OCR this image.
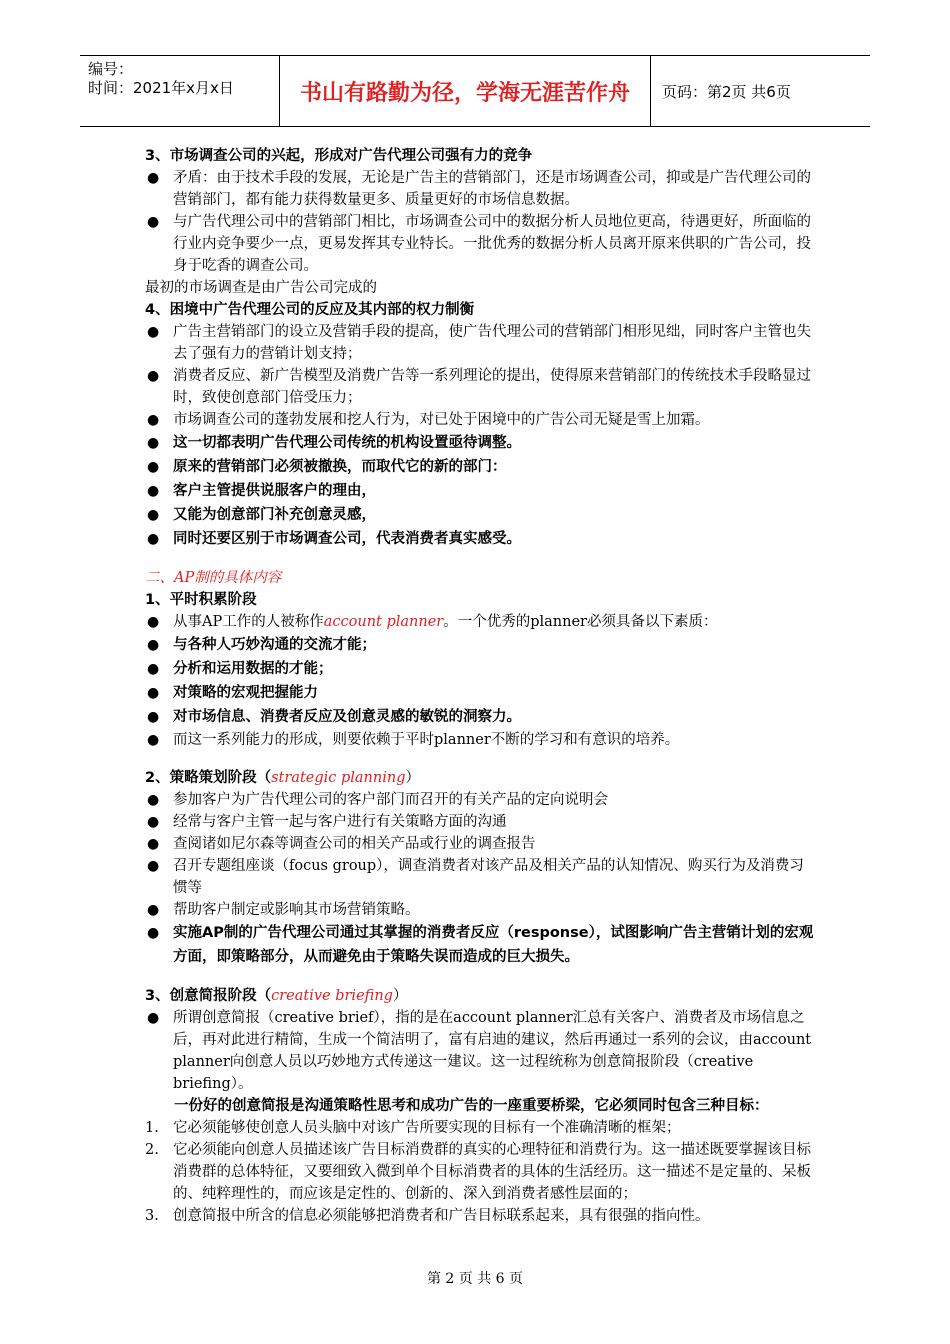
编号：
时间：2021年x月x日	书山有路勤为径，学海无涯苦作舟	页码：第2页 共6页
3、市场调查公司的兴起，形成对广告代理公司强有力的竞争
● 矛盾：由于技术手段的发展，无论是广告主的营销部门，还是市场调查公司，抑或是广告代理公司的营销部门，都有能力获得数量更多、质量更好的市场信息数据。
● 与广告代理公司中的营销部门相比，市场调查公司中的数据分析人员地位更高，待遇更好，所面临的行业内竞争要少一点，更易发挥其专业特长。一批优秀的数据分析人员离开原来供职的广告公司，投身于吃香的调查公司。
最初的市场调查是由广告公司完成的
4、困境中广告代理公司的反应及其内部的权力制衡
● 广告主营销部门的设立及营销手段的提高，使广告代理公司的营销部门相形见绌，同时客户主管也失去了强有力的营销计划支持；
● 消费者反应、新广告模型及消费广告等一系列理论的提出，使得原来营销部门的传统技术手段略显过时，致使创意部门倍受压力；
● 市场调查公司的蓬勃发展和挖人行为，对已处于困境中的广告公司无疑是雪上加霜。
● 这一切都表明广告代理公司传统的机构设置亟待调整。
● 原来的营销部门必须被撤换，而取代它的新的部门：
● 客户主管提供说服客户的理由，
● 又能为创意部门补充创意灵感，
● 同时还要区别于市场调查公司，代表消费者真实感受。
二、AP制的具体内容
1、平时积累阶段
● 从事AP工作的人被称作account planner。一个优秀的planner必须具备以下素质：
● 与各种人巧妙沟通的交流才能；
● 分析和运用数据的才能；
● 对策略的宏观把握能力
● 对市场信息、消费者反应及创意灵感的敏锐的洞察力。
● 而这一系列能力的形成，则要依赖于平时planner不断的学习和有意识的培养。
2、策略策划阶段（strategic planning）
● 参加客户为广告代理公司的客户部门而召开的有关产品的定向说明会
● 经常与客户主管一起与客户进行有关策略方面的沟通
● 查阅诸如尼尔森等调查公司的相关产品或行业的调查报告
● 召开专题组座谈（focus group），调查消费者对该产品及相关产品的认知情况、购买行为及消费习惯等
● 帮助客户制定或影响其市场营销策略。
● 实施AP制的广告代理公司通过其掌握的消费者反应（response），试图影响广告主营销计划的宏观方面，即策略部分，从而避免由于策略失误而造成的巨大损失。
3、创意简报阶段（creative briefing）
● 所谓创意简报（creative brief），指的是在account planner汇总有关客户、消费者及市场信息之后，再对此进行精简，生成一个简洁明了，富有启迪的建议，然后再通过一系列的会议，由account planner向创意人员以巧妙地方式传递这一建议。这一过程统称为创意简报阶段（creative briefing）。
一份好的创意简报是沟通策略性思考和成功广告的一座重要桥梁，它必须同时包含三种目标：
1. 它必须能够使创意人员头脑中对该广告所要实现的目标有一个准确清晰的框架；
2. 它必须能向创意人员描述该广告目标消费群的真实的心理特征和消费行为。这一描述既要掌握该目标消费群的总体特征，又要细致入微到单个目标消费者的具体的生活经历。这一描述不是定量的、呆板的、纯粹理性的，而应该是定性的、创新的、深入到消费者感性层面的；
3. 创意简报中所含的信息必须能够把消费者和广告目标联系起来，具有很强的指向性。
第 2 页 共 6 页
